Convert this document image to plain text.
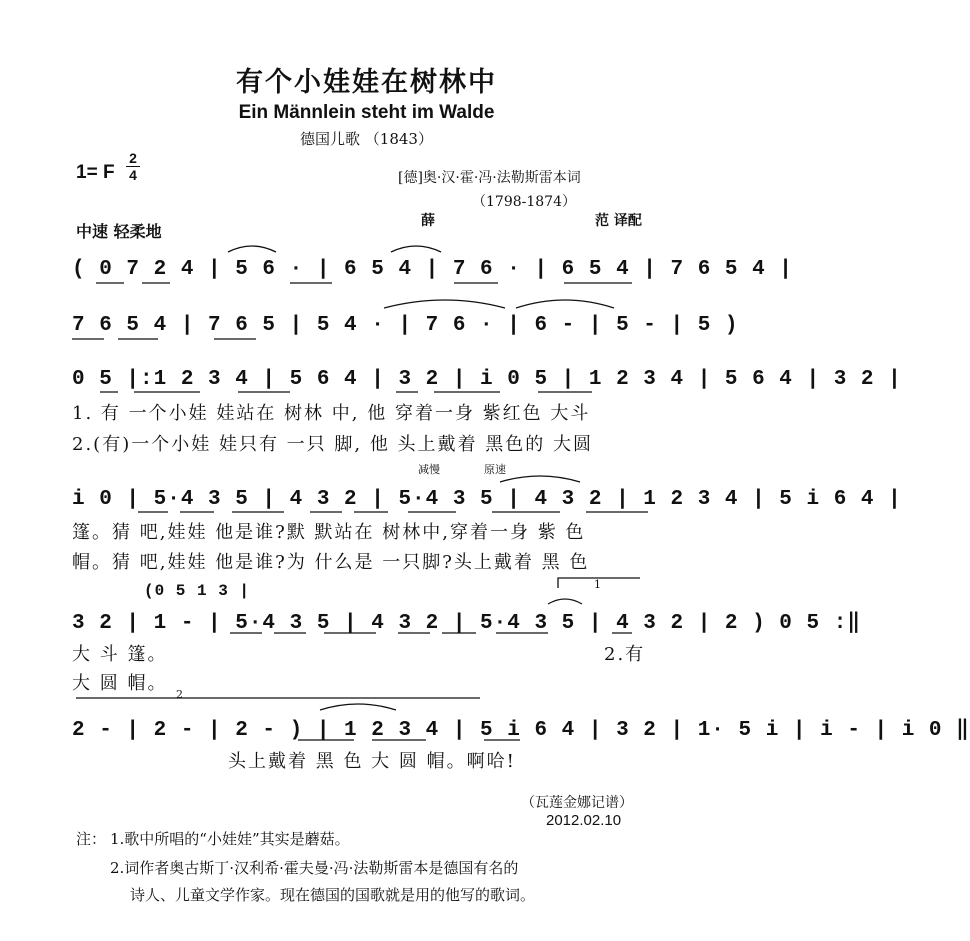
有个小娃娃在树林中
Ein Männlein steht im Walde
德国儿歌 （1843）
1= F
2
4	[德]奥·汉·霍·冯·法勒斯雷本词
（1798-1874）
薛	范 译配
中速 轻柔地
( 0 7 2 4 | 5 6 · | 6 5 4 | 7 6 · | 6 5 4 | 7 6 5 4 |
7 6 5 4 | 7 6 5 | 5 4 · | 7 6 · | 6 - | 5 - | 5 )
0 5 |:1 2 3 4 | 5 6 4 | 3 2 | i 0 5 | 1 2 3 4 | 5 6 4 | 3 2 |
1. 有 一个小娃 娃站在 树林 中, 他 穿着一身 紫红色 大斗
2.(有)一个小娃 娃只有 一只 脚, 他 头上戴着 黑色的 大圆
减慢	原速
i 0 | 5·4 3 5 | 4 3 2 | 5·4 3 5 | 4 3 2 | 1 2 3 4 | 5 i 6 4 |
篷。猜 吧,娃娃 他是谁?默 默站在 树林中,穿着一身 紫 色
帽。猜 吧,娃娃 他是谁?为 什么是 一只脚?头上戴着 黑 色
(0 5 1 3 |	1
3 2 | 1 - | 5·4 3 5 | 4 3 2 | 5·4 3 5 | 4 3 2 | 2 ) 0 5 :‖
大 斗 篷。	2.有
大 圆 帽。
2
2 - | 2 - | 2 - ) | 1 2 3 4 | 5 i 6 4 | 3 2 | 1· 5 i | i - | i 0 ‖
头上戴着 黑 色 大 圆 帽。啊哈!
（瓦莲金娜记谱）
2012.02.10
注： 1.歌中所唱的“小娃娃”其实是蘑菇。
2.词作者奥古斯丁·汉利希·霍夫曼·冯·法勒斯雷本是德国有名的
诗人、儿童文学作家。现在德国的国歌就是用的他写的歌词。
